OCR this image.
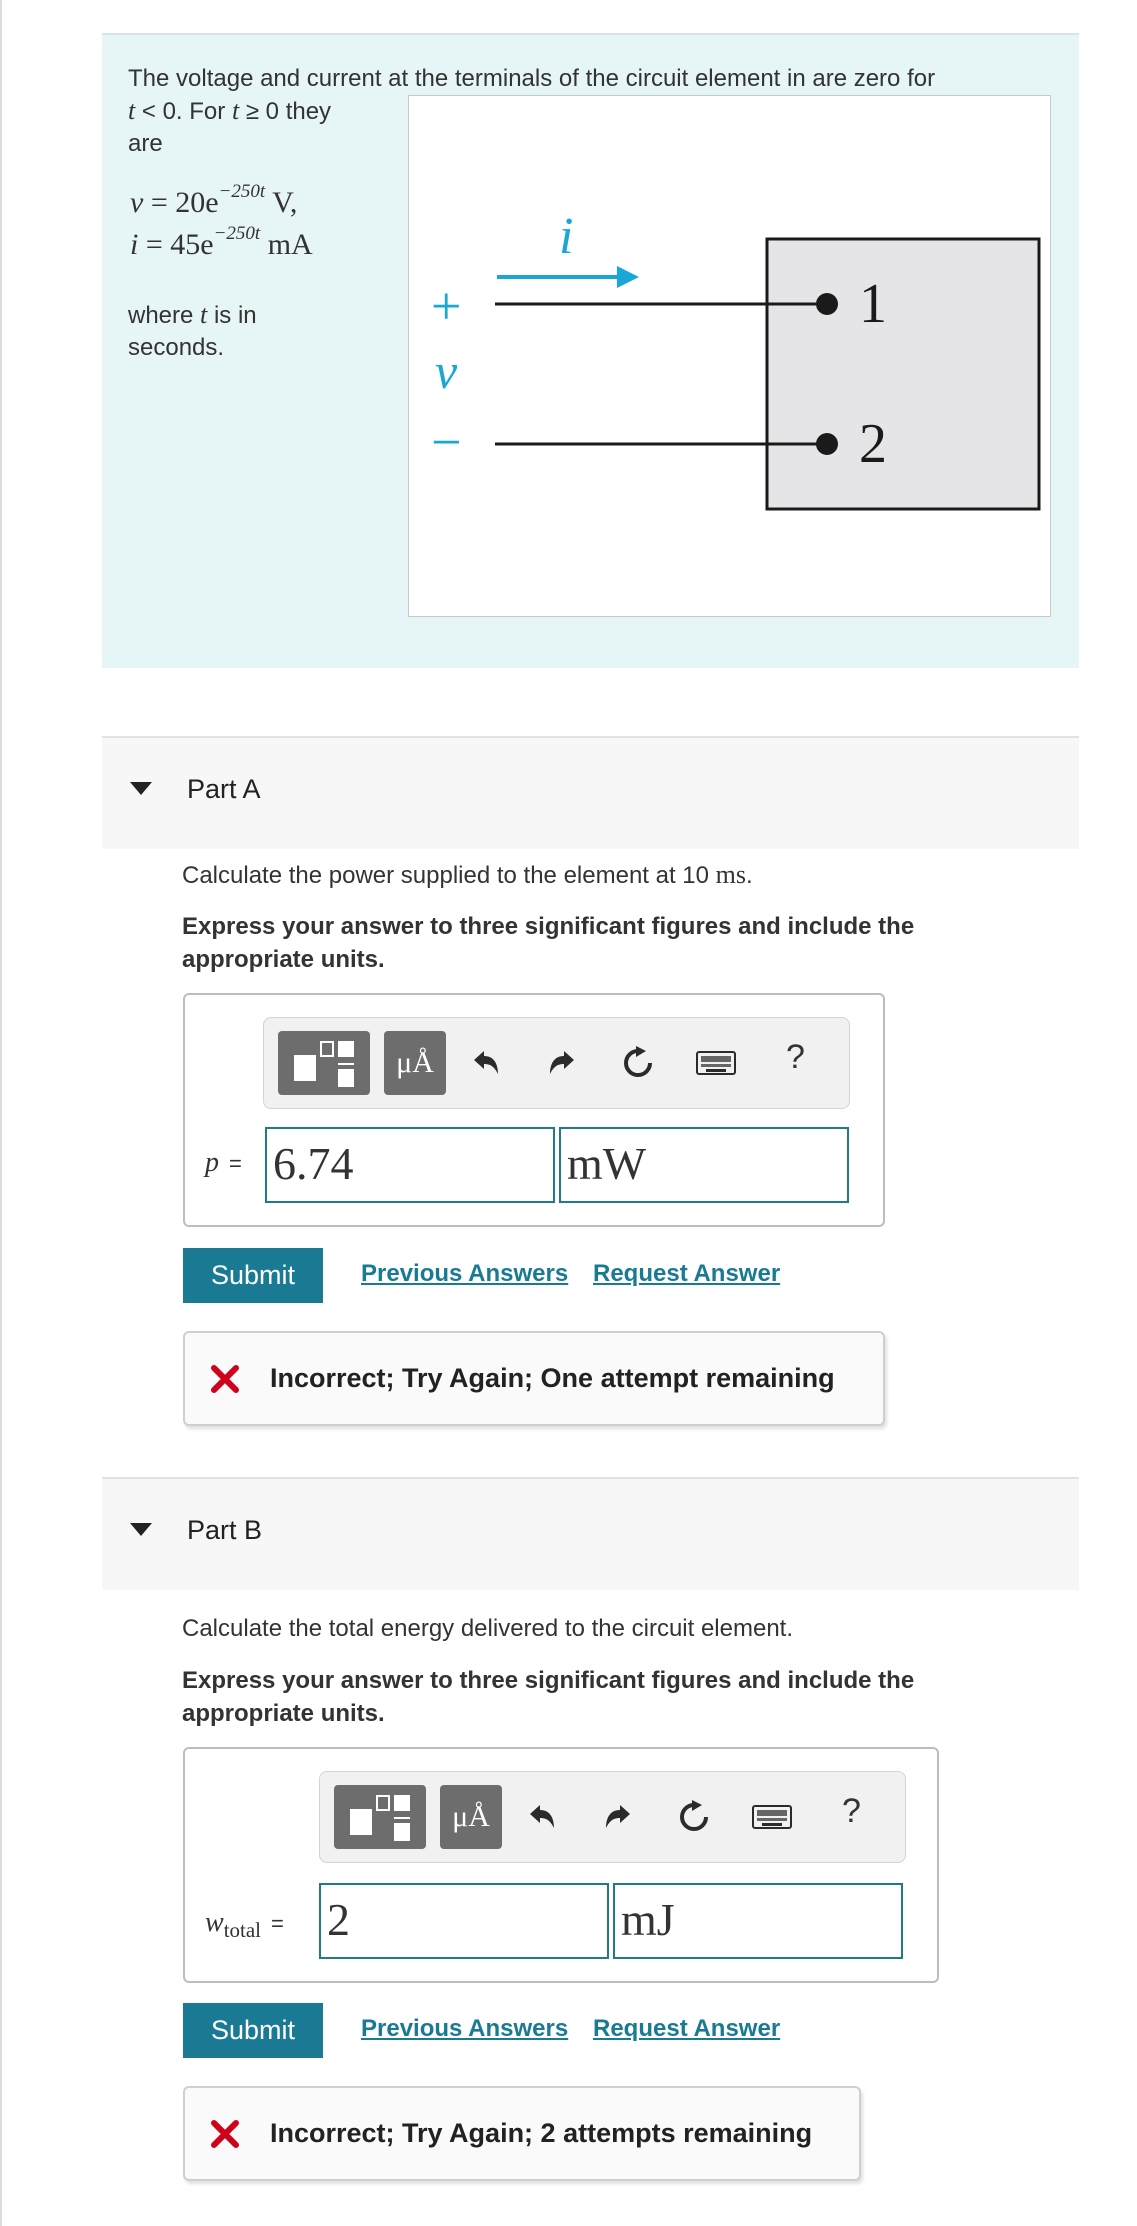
The voltage and current at the terminals of the circuit element in are zero for
t < 0. For t ≥ 0 they
are
$v = 20e^{-250t}$ V,
$i = 45e^{-250t}$ mA
where t is in seconds.
1
2
i
+
v
−
Part A
Calculate the power supplied to the element at 10 ms.
Express your answer to three significant figures and include the appropriate units.
μÅ	?
p = 6.74	mW
Submit	Previous Answers Request Answer
Incorrect; Try Again; One attempt remaining
Part B
Calculate the total energy delivered to the circuit element.
Express your answer to three significant figures and include the appropriate units.
μÅ	?
$w_{total} = 2$	mJ
Submit	Previous Answers Request Answer
Incorrect; Try Again; 2 attempts remaining
